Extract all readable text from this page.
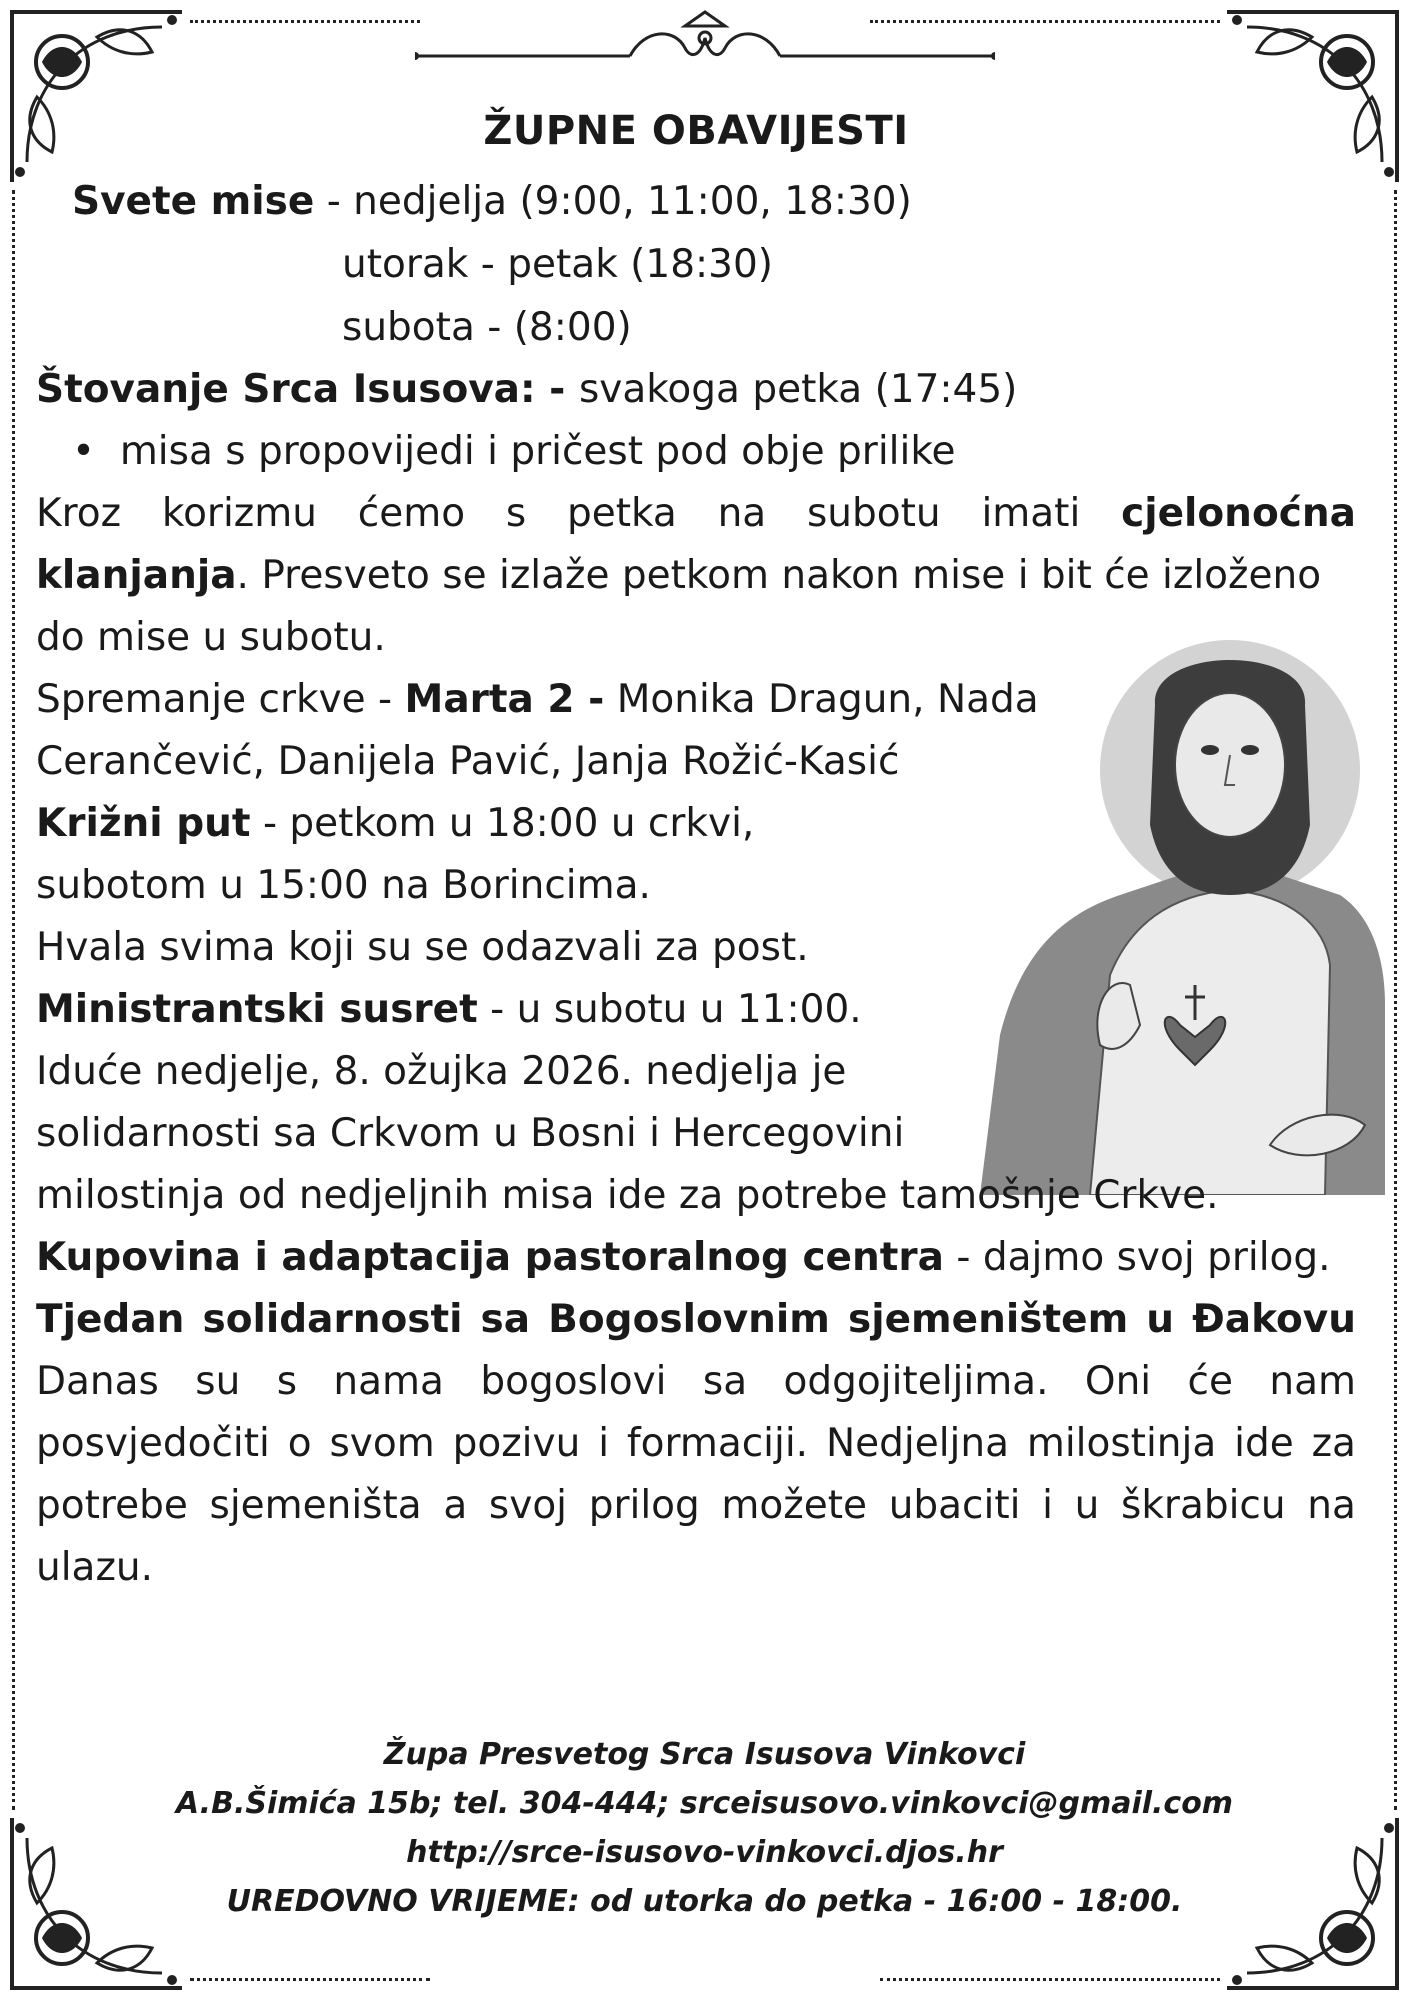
ŽUPNE OBAVIJESTI
Svete mise - nedjelja (9:00, 11:00, 18:30)
utorak - petak (18:30)
subota - (8:00)
Štovanje Srca Isusova: - svakoga petka (17:45)
•  misa s propovijedi i pričest pod obje prilike
Kroz korizmu ćemo s petka na subotu imati cjelonoćna
klanjanja. Presveto se izlaže petkom nakon mise i bit će izloženo
do mise u subotu.
Spremanje crkve - Marta 2 - Monika Dragun, Nada
Cerančević, Danijela Pavić, Janja Rožić-Kasić
Križni put - petkom u 18:00 u crkvi,
subotom u 15:00 na Borincima.
Hvala svima koji su se odazvali za post.
Ministrantski susret - u subotu u 11:00.
Iduće nedjelje, 8. ožujka 2026. nedjelja je
solidarnosti sa Crkvom u Bosni i Hercegovini
milostinja od nedjeljnih misa ide za potrebe tamošnje Crkve.
Kupovina i adaptacija pastoralnog centra - dajmo svoj prilog.
Tjedan solidarnosti sa Bogoslovnim sjemeništem u Đakovu
Danas su s nama bogoslovi sa odgojiteljima. Oni će nam
posvjedočiti o svom pozivu i formaciji. Nedjeljna milostinja ide za
potrebe sjemeništa a svoj prilog možete ubaciti i u škrabicu na
ulazu.
Župa Presvetog Srca Isusova Vinkovci
A.B.Šimića 15b; tel. 304-444; srceisusovo.vinkovci@gmail.com
http://srce-isusovo-vinkovci.djos.hr
UREDOVNO VRIJEME: od utorka do petka - 16:00 - 18:00.
